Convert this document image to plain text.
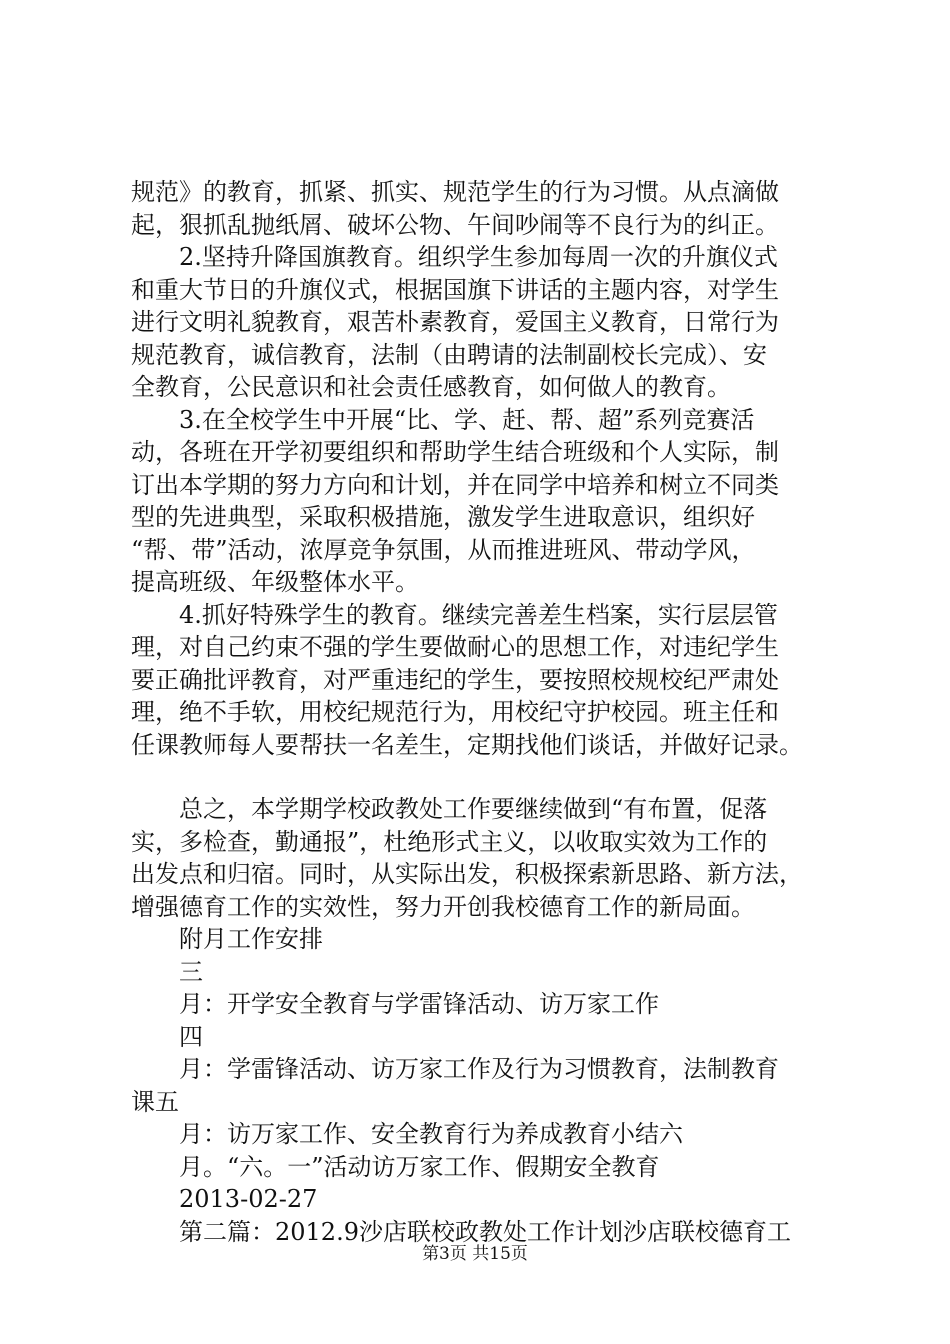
规范》的教育，抓紧、抓实、规范学生的行为习惯。从点滴做

起，狠抓乱抛纸屑、破坏公物、午间吵闹等不良行为的纠正。

2.坚持升降国旗教育。组织学生参加每周一次的升旗仪式

和重大节日的升旗仪式，根据国旗下讲话的主题内容，对学生

进行文明礼貌教育，艰苦朴素教育，爱国主义教育，日常行为

规范教育，诚信教育，法制（由聘请的法制副校长完成）、安

全教育，公民意识和社会责任感教育，如何做人的教育。

3.在全校学生中开展“比、学、赶、帮、超”系列竞赛活

动，各班在开学初要组织和帮助学生结合班级和个人实际，制

订出本学期的努力方向和计划，并在同学中培养和树立不同类

型的先进典型，采取积极措施，激发学生进取意识，组织好

“帮、带”活动，浓厚竞争氛围，从而推进班风、带动学风，

提高班级、年级整体水平。

4.抓好特殊学生的教育。继续完善差生档案，实行层层管

理，对自己约束不强的学生要做耐心的思想工作，对违纪学生

要正确批评教育，对严重违纪的学生，要按照校规校纪严肃处

理，绝不手软，用校纪规范行为，用校纪守护校园。班主任和

任课教师每人要帮扶一名差生，定期找他们谈话，并做好记录。

总之，本学期学校政教处工作要继续做到“有布置，促落

实，多检查，勤通报”，杜绝形式主义，以收取实效为工作的

出发点和归宿。同时，从实际出发，积极探索新思路、新方法，

增强德育工作的实效性，努力开创我校德育工作的新局面。

附月工作安排

三

月：开学安全教育与学雷锋活动、访万家工作

四

月：学雷锋活动、访万家工作及行为习惯教育，法制教育

课五

月：访万家工作、安全教育行为养成教育小结六

月。“六。一”活动访万家工作、假期安全教育

2013-02-27

第二篇：2012.9沙店联校政教处工作计划沙店联校德育工

第3页 共15页
